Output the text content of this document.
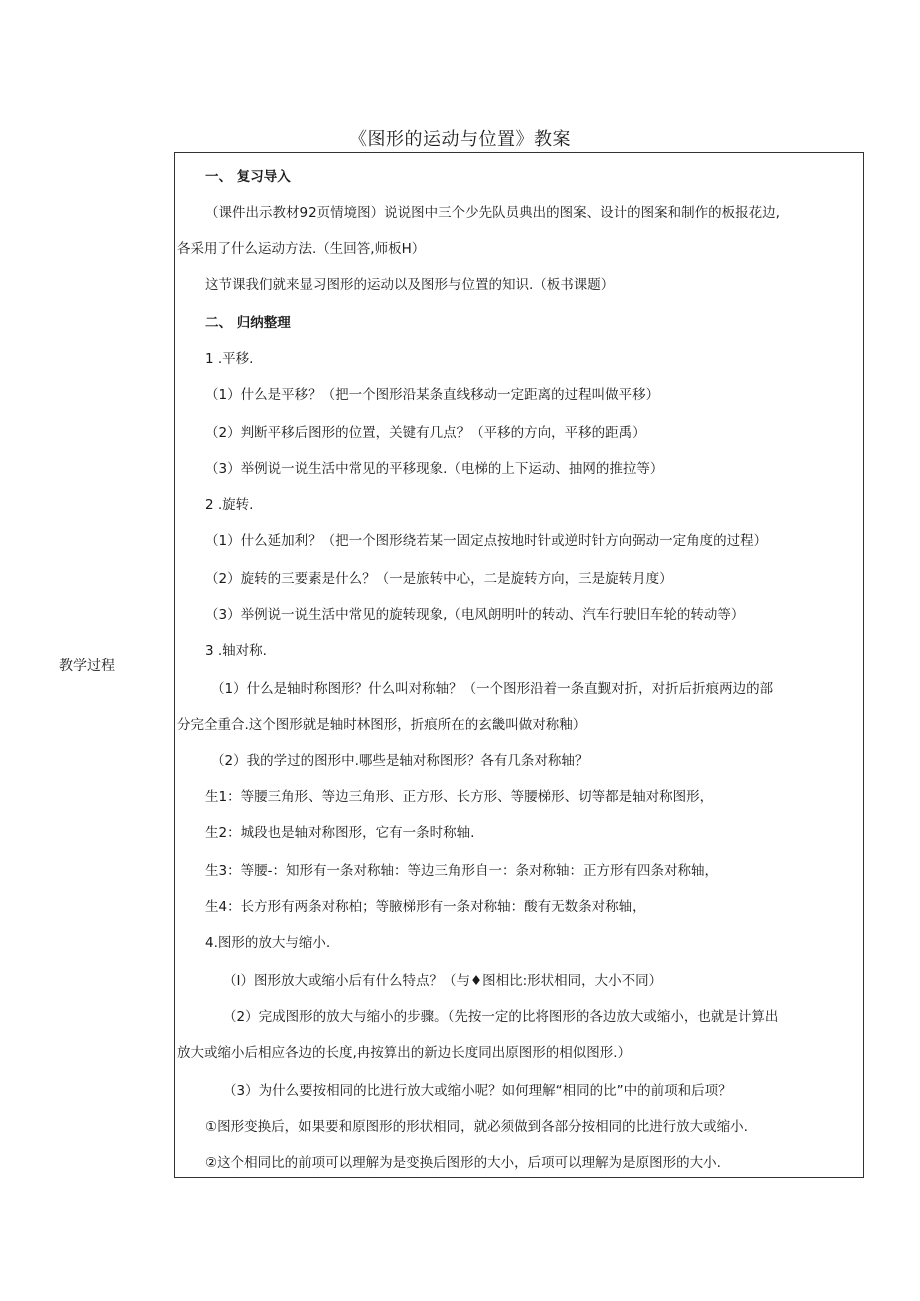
《图形的运动与位置》教案
教学过程
一、 复习导入
（课件出示教材92页情境图）说说图中三个少先队员典出的图案、设计的图案和制作的板报花边,
各采用了什么运动方法.（生回答,师板H）
这节课我们就来显习图形的运动以及图形与位置的知识.（板书课题）
二、 归纳整理
1 .平移.
（1）什么是平移？（把一个图形沿某条直线移动一定距离的过程叫做平移）
（2）判断平移后图形的位置，关键有几点？（平移的方向，平移的距禹）
（3）举例说一说生活中常见的平移现象.（电梯的上下运动、抽网的推拉等）
2 .旋转.
（1）什么延加利？（把一个图形绕若某一固定点按地时针或逆时针方向弼动一定角度的过程）
（2）旋转的三要素是什么？（一是旅转中心，二是旋转方向，三是旋转月度）
（3）举例说一说生活中常见的旋转现象,（电风朗明叶的转动、汽车行驶旧车轮的转动等）
3 .轴对称.
（1）什么是轴时称图形？什么叫对称轴？（一个图形沿着一条直觐对折，对折后折痕两边的部
分完全重合.这个图形就是轴时林图形，折痕所在的玄畿叫做对称釉）
（2）我的学过的图形中.哪些是轴对称图形？各有几条对称轴？
生1：等腰三角形、等边三角形、正方形、长方形、等腰梯形、切等都是轴对称图形，
生2：城段也是轴对称图形，它有一条时称轴.
生3：等腰-：知形有一条对称轴：等边三角形自一：条对称轴：正方形有四条对称轴，
生4：长方形有两条对称柏；等腋梯形有一条对称轴：酸有无数条对称轴，
4.图形的放大与缩小.
（I）图形放大或缩小后有什么特点？（与♦图相比:形状相同，大小不同）
（2）完成图形的放大与缩小的步骤。（先按一定的比将图形的各边放大或缩小，也就是计算出
放大或缩小后相应各边的长度,冉按算出的新边长度同出原图形的相似图形.）
（3）为什么要按相同的比进行放大或缩小呢？如何理解“相同的比”中的前项和后项？
①图形变换后，如果要和原图形的形状相同，就必须做到各部分按相同的比进行放大或缩小.
②这个相同比的前项可以理解为是变换后图形的大小，后项可以理解为是原图形的大小.
